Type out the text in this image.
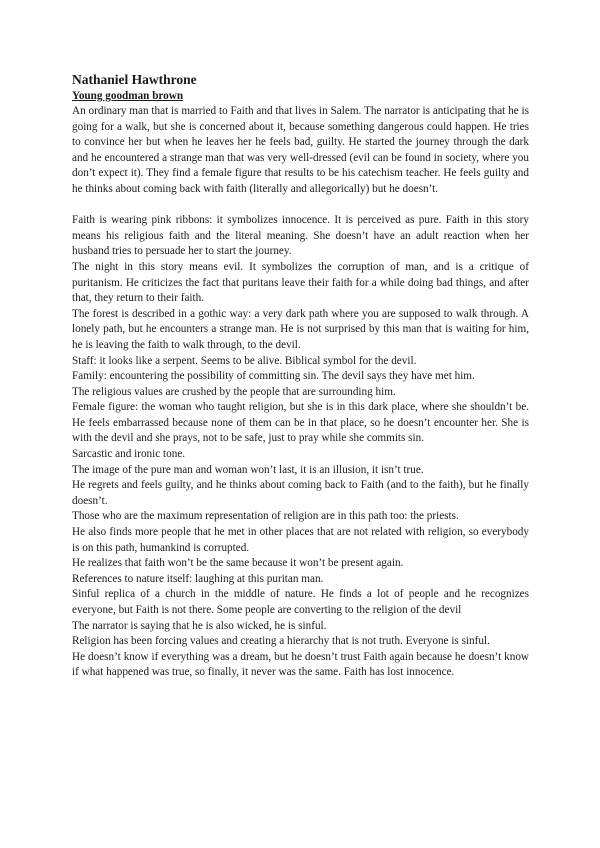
Nathaniel Hawthrone

Young goodman brown

An ordinary man that is married to Faith and that lives in Salem. The narrator is anticipating that he is going for a walk, but she is concerned about it, because something dangerous could happen. He tries to convince her but when he leaves her he feels bad, guilty. He started the journey through the dark and he encountered a strange man that was very well-dressed (evil can be found in society, where you don’t expect it). They find a female figure that results to be his catechism teacher. He feels guilty and he thinks about coming back with faith (literally and allegorically) but he doesn’t.

Faith is wearing pink ribbons: it symbolizes innocence. It is perceived as pure. Faith in this story means his religious faith and the literal meaning. She doesn’t have an adult reaction when her husband tries to persuade her to start the journey.

The night in this story means evil. It symbolizes the corruption of man, and is a critique of puritanism. He criticizes the fact that puritans leave their faith for a while doing bad things, and after that, they return to their faith.

The forest is described in a gothic way: a very dark path where you are supposed to walk through. A lonely path, but he encounters a strange man. He is not surprised by this man that is waiting for him, he is leaving the faith to walk through, to the devil.

Staff: it looks like a serpent. Seems to be alive. Biblical symbol for the devil.

Family: encountering the possibility of committing sin. The devil says they have met him.

The religious values are crushed by the people that are surrounding him.

Female figure: the woman who taught religion, but she is in this dark place, where she shouldn’t be. He feels embarrassed because none of them can be in that place, so he doesn’t encounter her. She is with the devil and she prays, not to be safe, just to pray while she commits sin.

Sarcastic and ironic tone.

The image of the pure man and woman won’t last, it is an illusion, it isn’t true.

He regrets and feels guilty, and he thinks about coming back to Faith (and to the faith), but he finally doesn’t.

Those who are the maximum representation of religion are in this path too: the priests.

He also finds more people that he met in other places that are not related with religion, so everybody is on this path, humankind is corrupted.

He realizes that faith won’t be the same because it won’t be present again.

References to nature itself: laughing at this puritan man.

Sinful replica of a church in the middle of nature. He finds a lot of people and he recognizes everyone, but Faith is not there. Some people are converting to the religion of the devil

The narrator is saying that he is also wicked, he is sinful.

Religion has been forcing values and creating a hierarchy that is not truth. Everyone is sinful.

He doesn’t know if everything was a dream, but he doesn’t trust Faith again because he doesn’t know if what happened was true, so finally, it never was the same. Faith has lost innocence.
